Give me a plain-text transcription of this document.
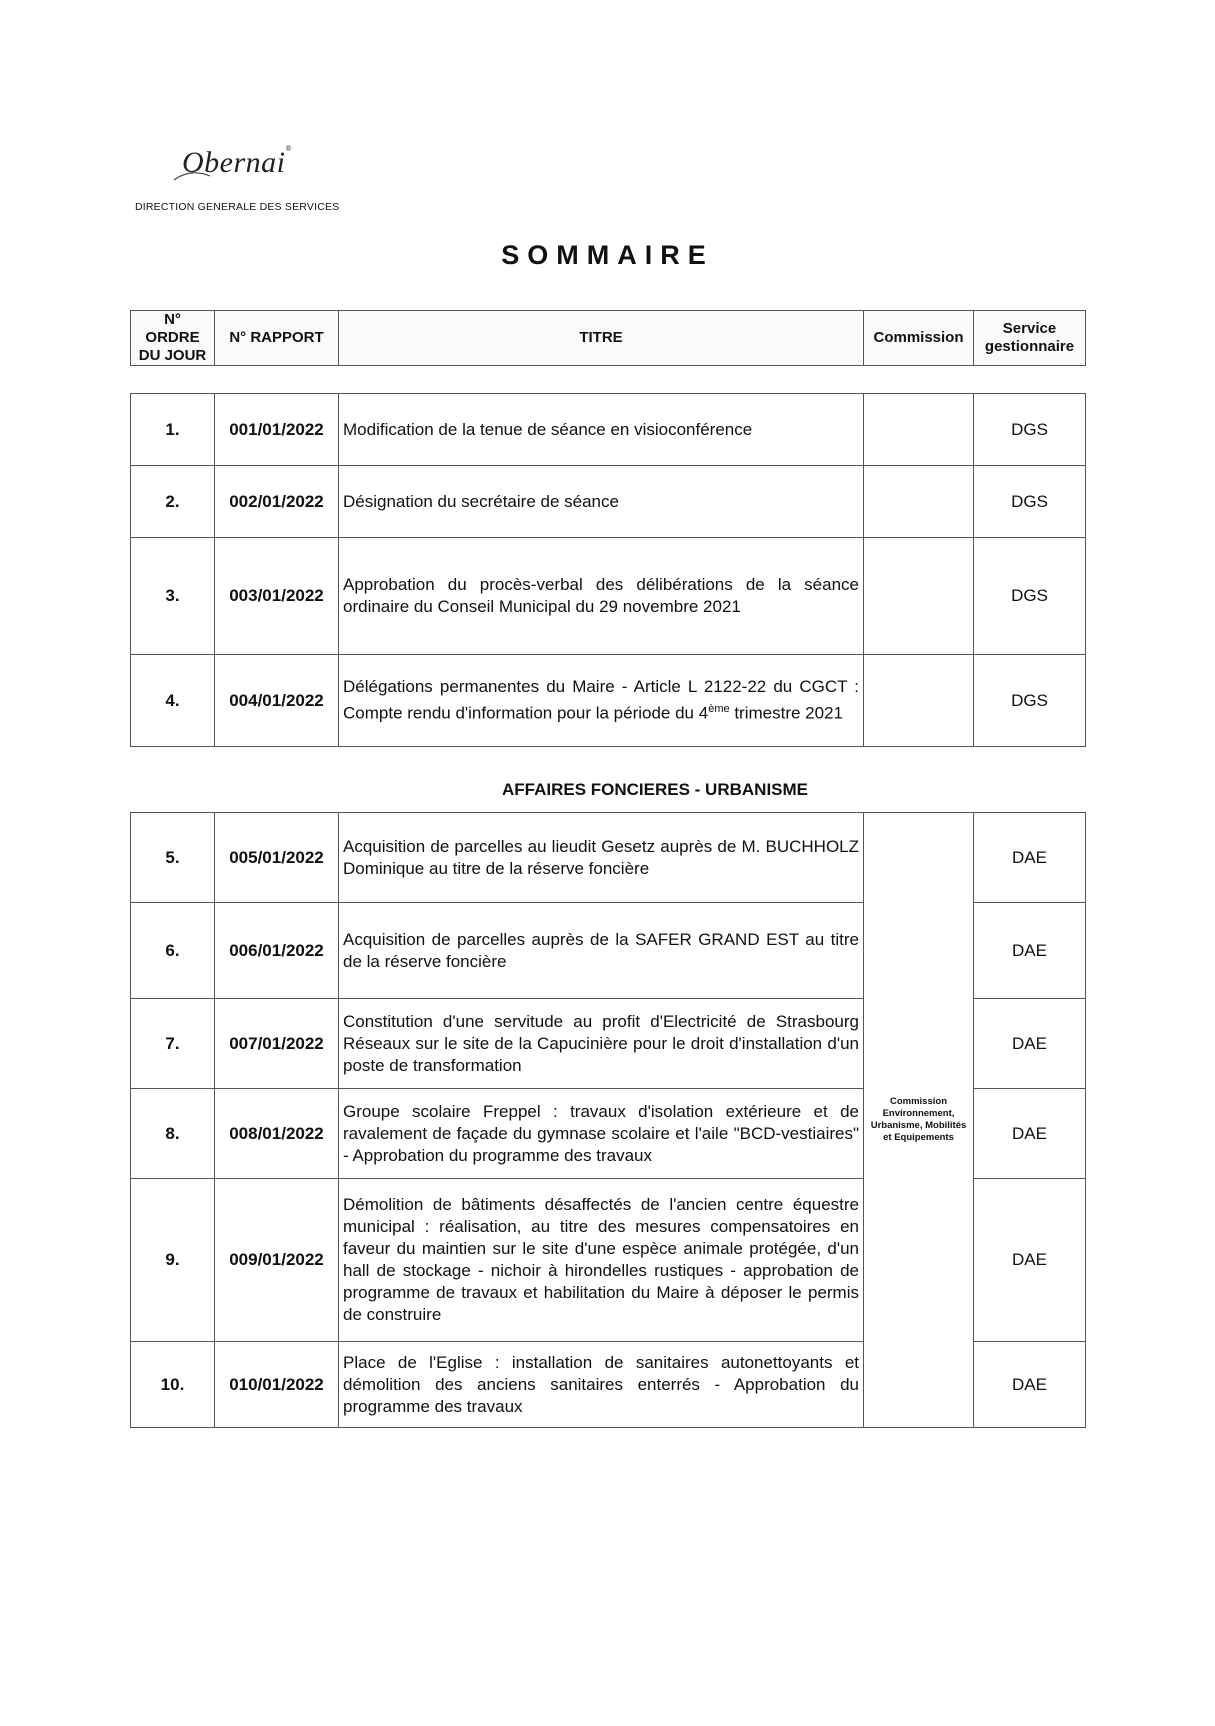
Obernai®
DIRECTION GENERALE DES SERVICES
SOMMAIRE
N° ORDRE DU JOUR	N° RAPPORT	TITRE	Commission	Service gestionnaire
1.	001/01/2022	Modification de la tenue de séance en visioconférence		DGS
2.	002/01/2022	Désignation du secrétaire de séance		DGS
3.	003/01/2022	Approbation du procès-verbal des délibérations de la séance ordinaire du Conseil Municipal du 29 novembre 2021		DGS
4.	004/01/2022	Délégations permanentes du Maire - Article L 2122-22 du CGCT : Compte rendu d'information pour la période du 4ème trimestre 2021		DGS
AFFAIRES FONCIERES - URBANISME
5.	005/01/2022	Acquisition de parcelles au lieudit Gesetz auprès de M. BUCHHOLZ Dominique au titre de la réserve foncière	Commission Environnement, Urbanisme, Mobilités et Equipements	DAE
6.	006/01/2022	Acquisition de parcelles auprès de la SAFER GRAND EST au titre de la réserve foncière		DAE
7.	007/01/2022	Constitution d'une servitude au profit d'Electricité de Strasbourg Réseaux sur le site de la Capucinière pour le droit d'installation d'un poste de transformation		DAE
8.	008/01/2022	Groupe scolaire Freppel : travaux d'isolation extérieure et de ravalement de façade du gymnase scolaire et l'aile "BCD-vestiaires" - Approbation du programme des travaux		DAE
9.	009/01/2022	Démolition de bâtiments désaffectés de l'ancien centre équestre municipal : réalisation, au titre des mesures compensatoires en faveur du maintien sur le site d'une espèce animale protégée, d'un hall de stockage - nichoir à hirondelles rustiques - approbation de programme de travaux et habilitation du Maire à déposer le permis de construire		DAE
10.	010/01/2022	Place de l'Eglise : installation de sanitaires autonettoyants et démolition des anciens sanitaires enterrés - Approbation du programme des travaux		DAE
